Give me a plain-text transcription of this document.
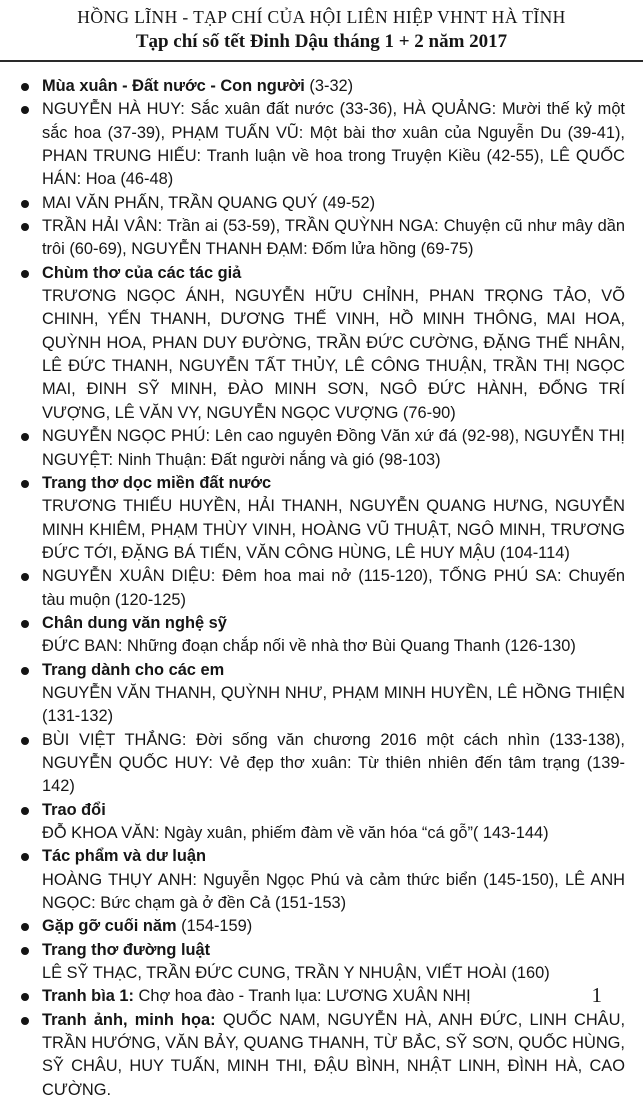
HỒNG LĨNH - TẠP CHÍ CỦA HỘI LIÊN HIỆP VHNT HÀ TĨNH
Tạp chí số tết Đinh Dậu tháng 1 + 2 năm 2017
Mùa xuân - Đất nước - Con người (3-32)
NGUYỄN HÀ HUY: Sắc xuân đất nước (33-36), HÀ QUẢNG: Mười thế kỷ một sắc hoa (37-39), PHẠM TUẤN VŨ: Một bài thơ xuân của Nguyễn Du (39-41), PHAN TRUNG HIẾU: Tranh luận về hoa trong Truyện Kiều (42-55), LÊ QUỐC HÁN: Hoa (46-48)
MAI VĂN PHẤN, TRẦN QUANG QUÝ (49-52)
TRẦN HẢI VÂN: Trần ai (53-59), TRẦN QUỲNH NGA: Chuyện cũ như mây dần trôi (60-69), NGUYỄN THANH ĐẠM: Đốm lửa hồng (69-75)
Chùm thơ của các tác giả
TRƯƠNG NGỌC ÁNH, NGUYỄN HỮU CHỈNH, PHAN TRỌNG TẢO, VÕ CHINH, YẾN THANH, DƯƠNG THẾ VINH, HỒ MINH THÔNG, MAI HOA, QUỲNH HOA, PHAN DUY ĐƯỜNG, TRẦN ĐỨC CƯỜNG, ĐẶNG THẾ NHÂN, LÊ ĐỨC THANH, NGUYỄN TẤT THỦY, LÊ CÔNG THUẬN, TRẦN THỊ NGỌC MAI, ĐINH SỸ MINH, ĐÀO MINH SƠN, NGÔ ĐỨC HÀNH, ĐỔNG TRÍ VƯỢNG, LÊ VĂN VY, NGUYỄN NGỌC VƯỢNG (76-90)
NGUYỄN NGỌC PHÚ: Lên cao nguyên Đồng Văn xứ đá (92-98), NGUYỄN THỊ NGUYỆT: Ninh Thuận: Đất người nắng và gió (98-103)
Trang thơ dọc miền đất nước
TRƯƠNG THIẾU HUYỀN, HẢI THANH, NGUYỄN QUANG HƯNG, NGUYỄN MINH KHIÊM, PHẠM THÙY VINH, HOÀNG VŨ THUẬT, NGÔ MINH, TRƯƠNG ĐỨC TỚI, ĐẶNG BÁ TIẾN, VĂN CÔNG HÙNG, LÊ HUY MẬU (104-114)
NGUYỄN XUÂN DIỆU: Đêm hoa mai nở (115-120), TỐNG PHÚ SA: Chuyến tàu muộn (120-125)
Chân dung văn nghệ sỹ
ĐỨC BAN: Những đoạn chắp nối về nhà thơ Bùi Quang Thanh (126-130)
Trang dành cho các em
NGUYỄN VĂN THANH, QUỲNH NHƯ, PHẠM MINH HUYỀN, LÊ HỒNG THIỆN (131-132)
BÙI VIỆT THẮNG: Đời sống văn chương 2016 một cách nhìn (133-138), NGUYỄN QUỐC HUY: Vẻ đẹp thơ xuân: Từ thiên nhiên đến tâm trạng (139-142)
Trao đổi
ĐỖ KHOA VĂN: Ngày xuân, phiếm đàm về văn hóa “cá gỗ”( 143-144)
Tác phẩm và dư luận
HOÀNG THỤY ANH: Nguyễn Ngọc Phú và cảm thức biển (145-150), LÊ ANH NGỌC: Bức chạm gà ở đền Cả (151-153)
Gặp gỡ cuối năm (154-159)
Trang thơ đường luật
LÊ SỸ THẠC, TRẦN ĐỨC CUNG, TRẦN Y NHUẬN, VIẾT HOÀI (160)
Tranh bìa 1: Chợ hoa đào - Tranh lụa: LƯƠNG XUÂN NHỊ
Tranh ảnh, minh họa: QUỐC NAM, NGUYỄN HÀ, ANH ĐỨC, LINH CHÂU, TRẦN HƯỚNG, VĂN BẢY, QUANG THANH, TỪ BẮC, SỸ SƠN, QUỐC HÙNG, SỸ CHÂU, HUY TUẤN, MINH THI, ĐẬU BÌNH, NHẬT LINH, ĐÌNH HÀ, CAO CƯỜNG.
1
